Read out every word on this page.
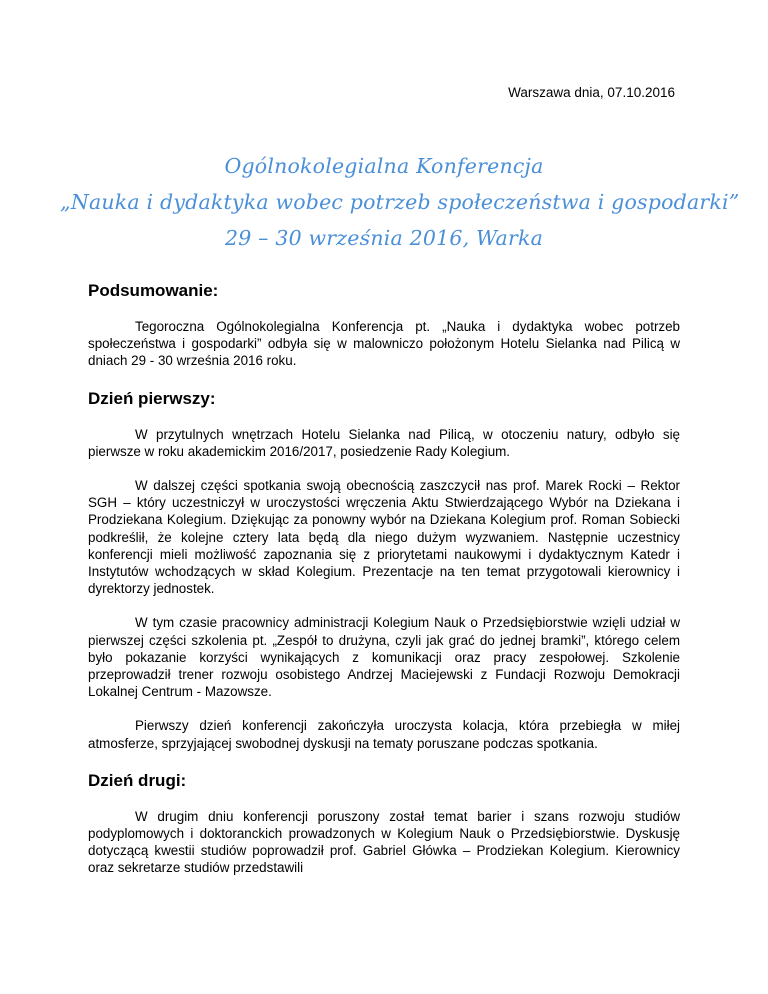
Warszawa dnia, 07.10.2016
Ogólnokolegialna Konferencja
„Nauka i dydaktyka wobec potrzeb społeczeństwa i gospodarki”
29 – 30 września 2016, Warka
Podsumowanie:

Tegoroczna Ogólnokolegialna Konferencja pt. „Nauka i dydaktyka wobec potrzeb społeczeństwa i gospodarki” odbyła się w malowniczo położonym Hotelu Sielanka nad Pilicą w dniach 29 - 30 września 2016 roku.

Dzień pierwszy:

W przytulnych wnętrzach Hotelu Sielanka nad Pilicą, w otoczeniu natury, odbyło się pierwsze w roku akademickim 2016/2017, posiedzenie Rady Kolegium.

W dalszej części spotkania swoją obecnością zaszczycił nas prof. Marek Rocki – Rektor SGH – który uczestniczył w uroczystości wręczenia Aktu Stwierdzającego Wybór na Dziekana i Prodziekana Kolegium. Dziękując za ponowny wybór na Dziekana Kolegium prof. Roman Sobiecki podkreślił, że kolejne cztery lata będą dla niego dużym wyzwaniem. Następnie uczestnicy konferencji mieli możliwość zapoznania się z priorytetami naukowymi i dydaktycznym Katedr i Instytutów wchodzących w skład Kolegium. Prezentacje na ten temat przygotowali kierownicy i dyrektorzy jednostek.

W tym czasie pracownicy administracji Kolegium Nauk o Przedsiębiorstwie wzięli udział w pierwszej części szkolenia pt. „Zespół to drużyna, czyli jak grać do jednej bramki”, którego celem było pokazanie korzyści wynikających z komunikacji oraz pracy zespołowej. Szkolenie przeprowadził trener rozwoju osobistego Andrzej Maciejewski z Fundacji Rozwoju Demokracji Lokalnej Centrum - Mazowsze.

Pierwszy dzień konferencji zakończyła uroczysta kolacja, która przebiegła w miłej atmosferze, sprzyjającej swobodnej dyskusji na tematy poruszane podczas spotkania.

Dzień drugi:

W drugim dniu konferencji poruszony został temat barier i szans rozwoju studiów podyplomowych i doktoranckich prowadzonych w Kolegium Nauk o Przedsiębiorstwie. Dyskusję dotyczącą kwestii studiów poprowadził prof. Gabriel Główka – Prodziekan Kolegium. Kierownicy oraz sekretarze studiów przedstawili
